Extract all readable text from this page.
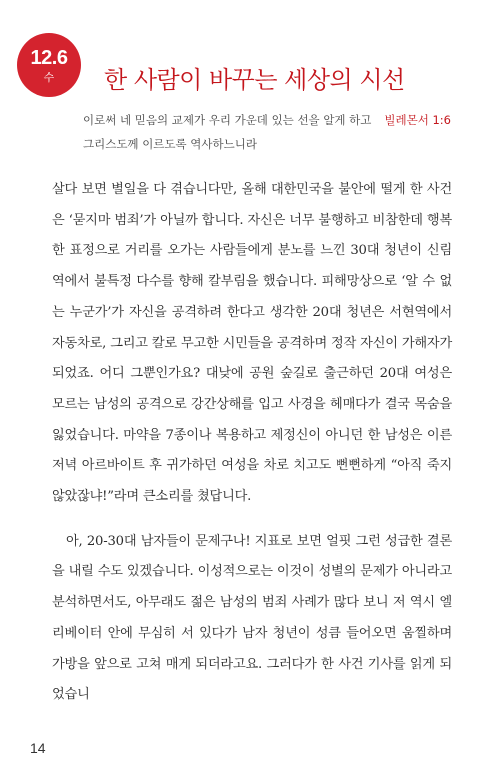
12.6
수 한 사람이 바꾸는 세상의 시선
빌레몬서 1:6
이로써 네 믿음의 교제가 우리 가운데 있는 선을 알게 하고 그리스도께 이르도록 역사하느니라

살다 보면 별일을 다 겪습니다만, 올해 대한민국을 불안에 떨게 한 사건은 ‘묻지마 범죄’가 아닐까 합니다. 자신은 너무 불행하고 비참한데 행복한 표정으로 거리를 오가는 사람들에게 분노를 느낀 30대 청년이 신림역에서 불특정 다수를 향해 칼부림을 했습니다. 피해망상으로 ‘알 수 없는 누군가’가 자신을 공격하려 한다고 생각한 20대 청년은 서현역에서 자동차로, 그리고 칼로 무고한 시민들을 공격하며 정작 자신이 가해자가 되었죠. 어디 그뿐인가요? 대낮에 공원 숲길로 출근하던 20대 여성은 모르는 남성의 공격으로 강간상해를 입고 사경을 헤매다가 결국 목숨을 잃었습니다. 마약을 7종이나 복용하고 제정신이 아니던 한 남성은 이른 저녁 아르바이트 후 귀가하던 여성을 차로 치고도 뻔뻔하게 “아직 죽지 않았잖냐!”라며 큰소리를 쳤답니다.

아, 20-30대 남자들이 문제구나! 지표로 보면 얼핏 그런 성급한 결론을 내릴 수도 있겠습니다. 이성적으로는 이것이 성별의 문제가 아니라고 분석하면서도, 아무래도 젊은 남성의 범죄 사례가 많다 보니 저 역시 엘리베이터 안에 무심히 서 있다가 남자 청년이 성큼 들어오면 움찔하며 가방을 앞으로 고쳐 매게 되더라고요. 그러다가 한 사건 기사를 읽게 되었습니

14
